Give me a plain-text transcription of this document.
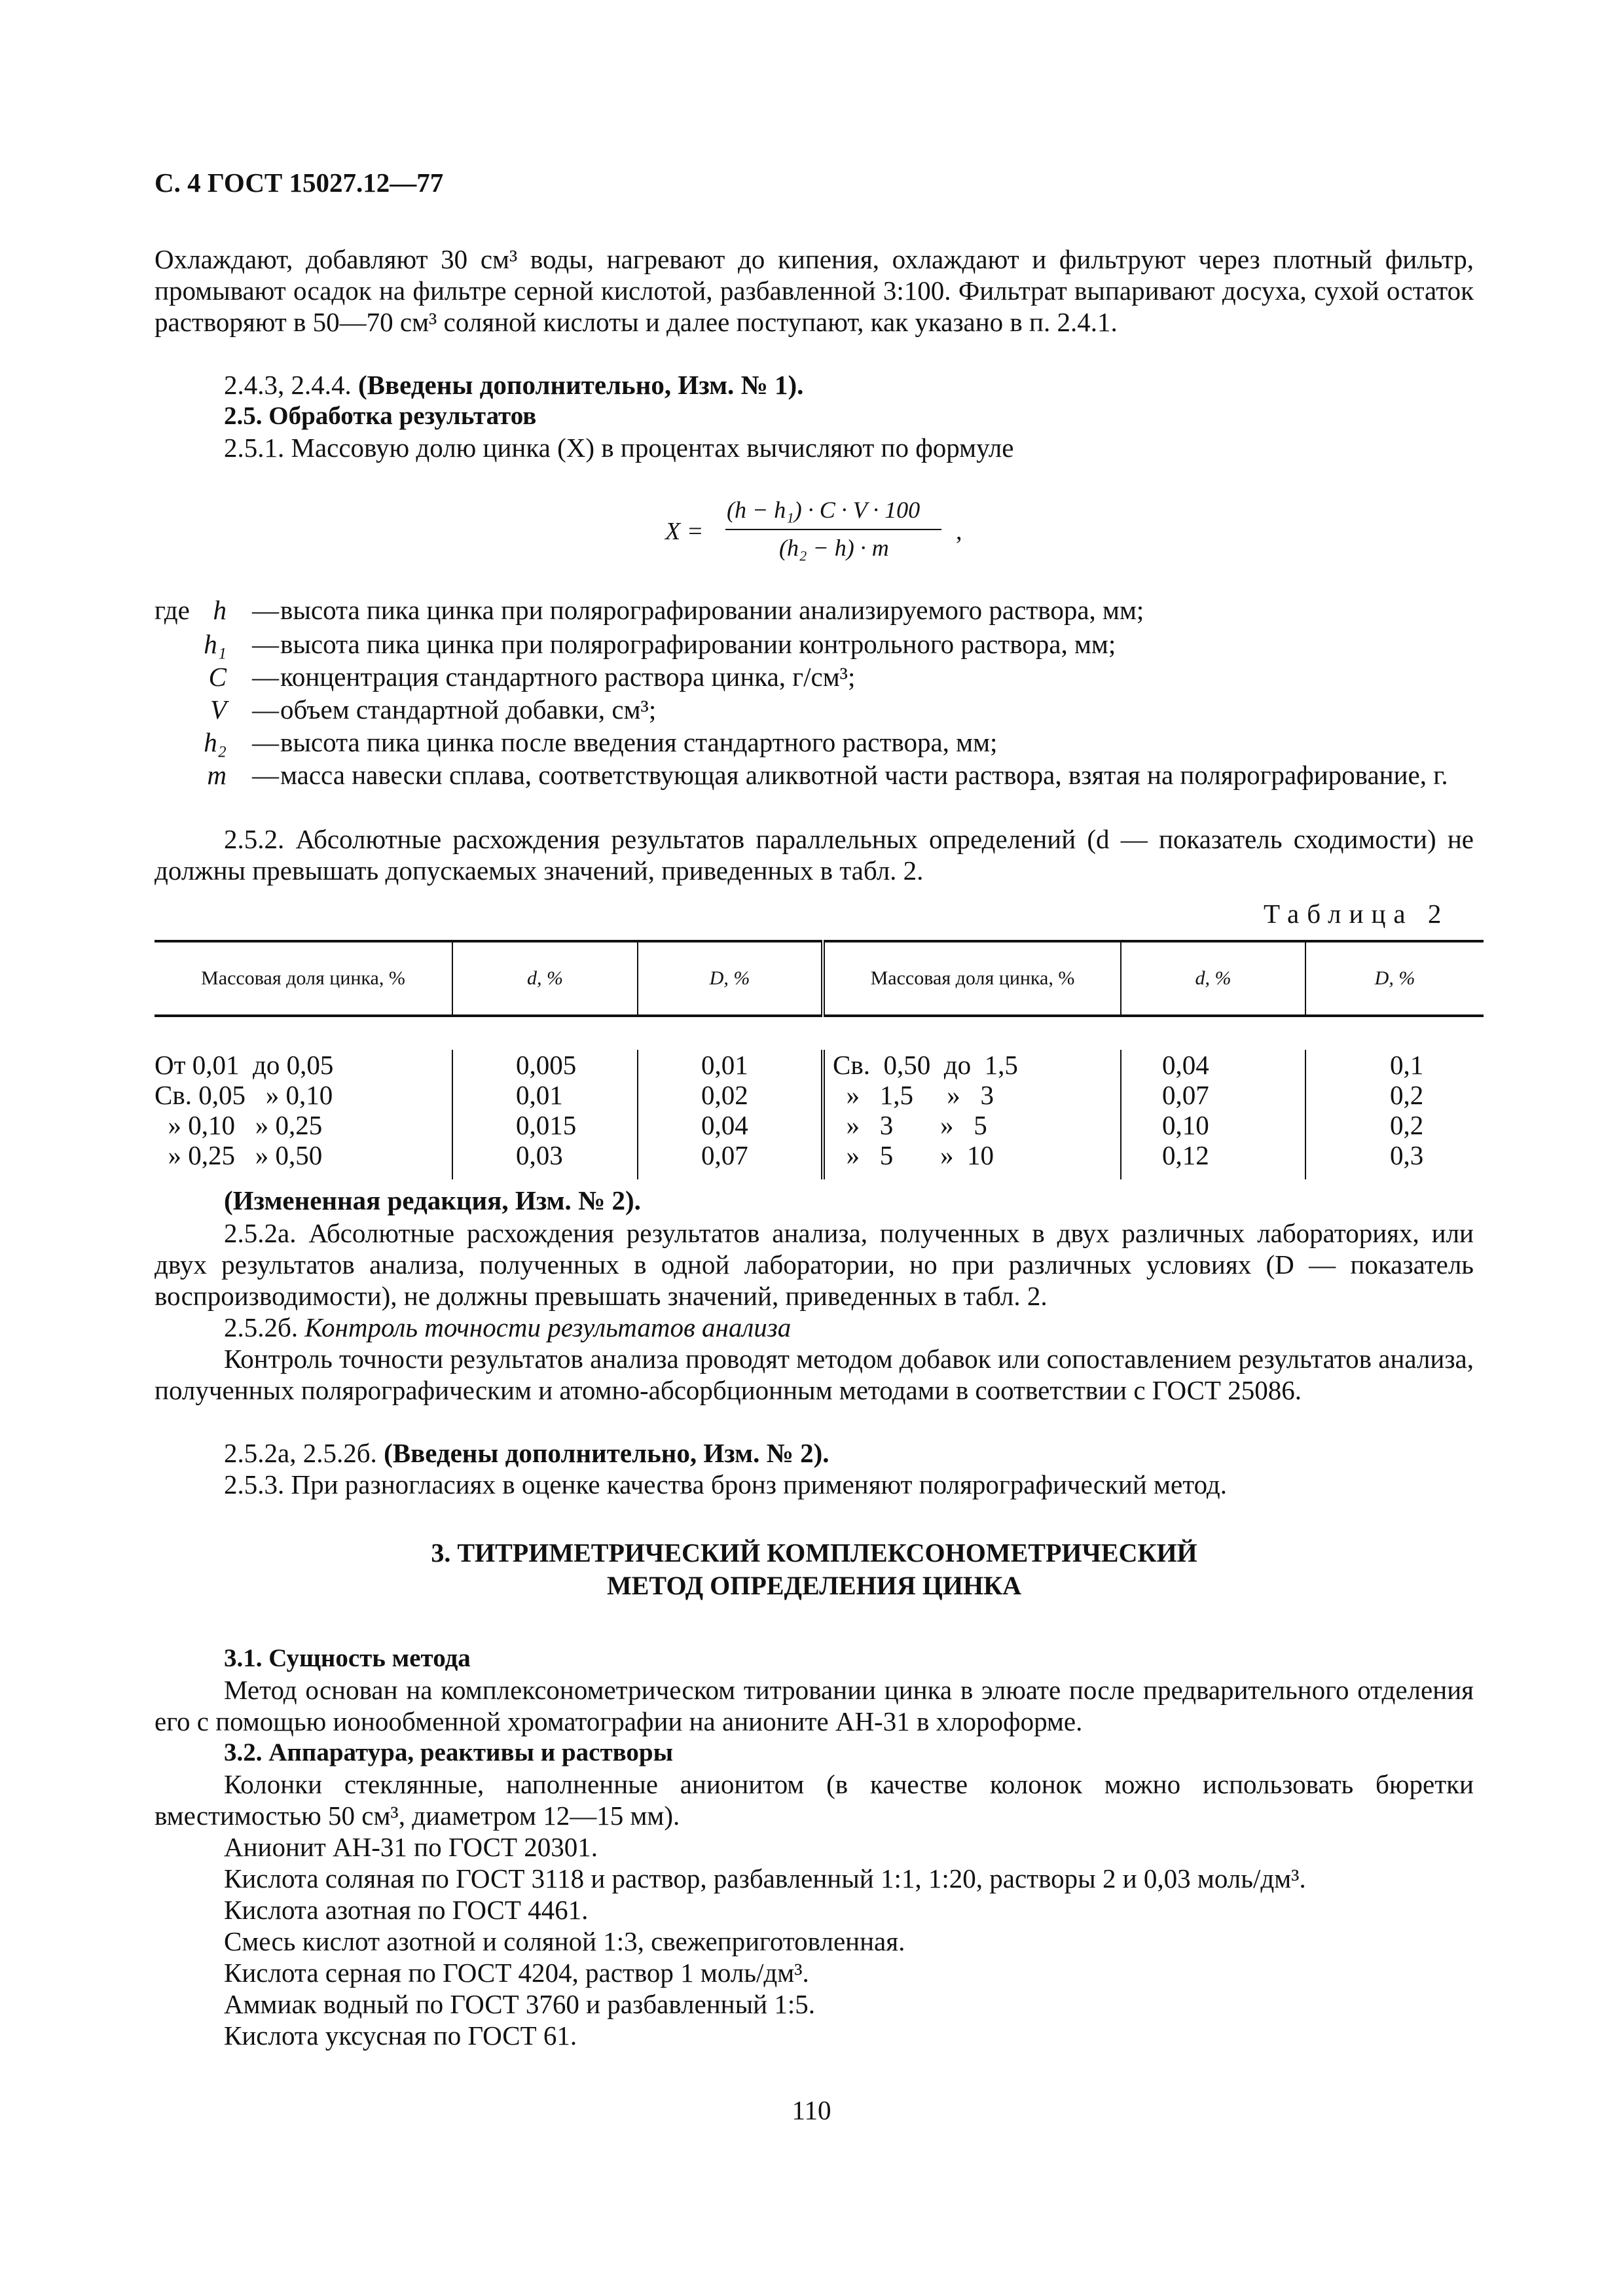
С. 4 ГОСТ 15027.12—77

Охлаждают, добавляют 30 см³ воды, нагревают до кипения, охлаждают и фильтруют через плотный фильтр, промывают осадок на фильтре серной кислотой, разбавленной 3:100. Фильтрат выпаривают досуха, сухой остаток растворяют в 50—70 см³ соляной кислоты и далее поступают, как указано в п. 2.4.1.

2.4.3, 2.4.4. (Введены дополнительно, Изм. № 1).

2.5. Обработка результатов

2.5.1. Массовую долю цинка (X) в процентах вычисляют по формуле

X =
(h − h₁) · C · V · 100
(h₂ − h) · m
,
где h — высота пика цинка при полярографировании анализируемого раствора, мм;
h₁ — высота пика цинка при полярографировании контрольного раствора, мм;
C — концентрация стандартного раствора цинка, г/см³;
V — объем стандартной добавки, см³;
h₂ — высота пика цинка после введения стандартного раствора, мм;
m — масса навески сплава, соответствующая аликвотной части раствора, взятая на полярографирование, г.

2.5.2. Абсолютные расхождения результатов параллельных определений (d — показатель сходимости) не должны превышать допускаемых значений, приведенных в табл. 2.

Таблица 2
Массовая доля цинка, %	d, %	D, %	Массовая доля цинка, %	d, %	D, %

От 0,01  до 0,05	0,005	0,01	Св.  0,50  до  1,5	0,04	0,1
Св. 0,05   » 0,10	0,01	0,02	»   1,5     »   3	0,07	0,2
» 0,10   » 0,25	0,015	0,04	»   3       »   5	0,10	0,2
» 0,25   » 0,50	0,03	0,07	»   5       »  10	0,12	0,3

(Измененная редакция, Изм. № 2).

2.5.2а. Абсолютные расхождения результатов анализа, полученных в двух различных лабораториях, или двух результатов анализа, полученных в одной лаборатории, но при различных условиях (D — показатель воспроизводимости), не должны превышать значений, приведенных в табл. 2.

2.5.2б. Контроль точности результатов анализа

Контроль точности результатов анализа проводят методом добавок или сопоставлением результатов анализа, полученных полярографическим и атомно-абсорбционным методами в соответствии с ГОСТ 25086.

2.5.2а, 2.5.2б. (Введены дополнительно, Изм. № 2).

2.5.3. При разногласиях в оценке качества бронз применяют полярографический метод.

3. ТИТРИМЕТРИЧЕСКИЙ КОМПЛЕКСОНОМЕТРИЧЕСКИЙ
МЕТОД ОПРЕДЕЛЕНИЯ ЦИНКА

3.1. Сущность метода

Метод основан на комплексонометрическом титровании цинка в элюате после предварительного отделения его с помощью ионообменной хроматографии на анионите АН-31 в хлороформе.

3.2. Аппаратура, реактивы и растворы

Колонки стеклянные, наполненные анионитом (в качестве колонок можно использовать бюретки вместимостью 50 см³, диаметром 12—15 мм).

Анионит АН-31 по ГОСТ 20301.

Кислота соляная по ГОСТ 3118 и раствор, разбавленный 1:1, 1:20, растворы 2 и 0,03 моль/дм³.

Кислота азотная по ГОСТ 4461.

Смесь кислот азотной и соляной 1:3, свежеприготовленная.

Кислота серная по ГОСТ 4204, раствор 1 моль/дм³.

Аммиак водный по ГОСТ 3760 и разбавленный 1:5.

Кислота уксусная по ГОСТ 61.

110
